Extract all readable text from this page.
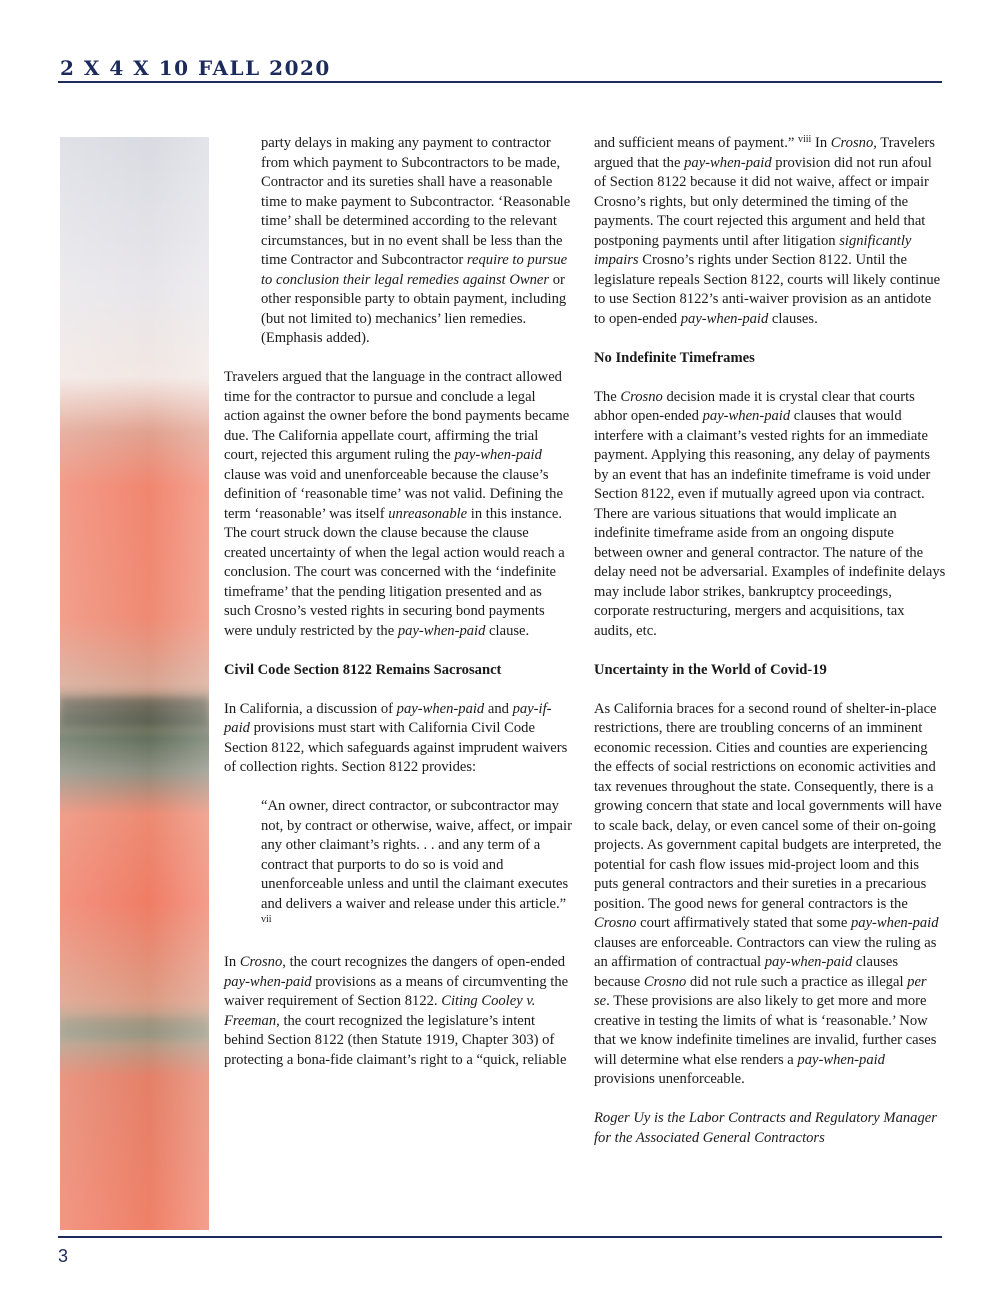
2 X 4 X 10 FALL 2020

party delays in making any payment to contractor from which payment to Subcontractors to be made, Contractor and its sureties shall have a reasonable time to make payment to Subcontractor. ‘Reasonable time’ shall be determined according to the relevant circumstances, but in no event shall be less than the time Contractor and Subcontractor require to pursue to conclusion their legal remedies against Owner or other responsible party to obtain payment, including (but not limited to) mechanics’ lien remedies. (Emphasis added).

Travelers argued that the language in the contract allowed time for the contractor to pursue and conclude a legal action against the owner before the bond payments became due. The California appellate court, affirming the trial court, rejected this argument ruling the pay-when-paid clause was void and unenforceable because the clause’s definition of ‘reasonable time’ was not valid. Defining the term ‘reasonable’ was itself unreasonable in this instance. The court struck down the clause because the clause created uncertainty of when the legal action would reach a conclusion. The court was concerned with the ‘indefinite timeframe’ that the pending litigation presented and as such Crosno’s vested rights in securing bond payments were unduly restricted by the pay-when-paid clause.

Civil Code Section 8122 Remains Sacrosanct

In California, a discussion of pay-when-paid and pay-if-paid provisions must start with California Civil Code Section 8122, which safeguards against imprudent waivers of collection rights. Section 8122 provides:

“An owner, direct contractor, or subcontractor may not, by contract or otherwise, waive, affect, or impair any other claimant’s rights. . . and any term of a contract that purports to do so is void and unenforceable unless and until the claimant executes and delivers a waiver and release under this article.” $^{vii}$

In Crosno, the court recognizes the dangers of open-ended pay-when-paid provisions as a means of circumventing the waiver requirement of Section 8122. Citing Cooley v. Freeman, the court recognized the legislature’s intent behind Section 8122 (then Statute 1919, Chapter 303) of protecting a bona-fide claimant’s right to a “quick, reliable

and sufficient means of payment.” $^{viii}$ In Crosno, Travelers argued that the pay-when-paid provision did not run afoul of Section 8122 because it did not waive, affect or impair Crosno’s rights, but only determined the timing of the payments. The court rejected this argument and held that postponing payments until after litigation significantly impairs Crosno’s rights under Section 8122. Until the legislature repeals Section 8122, courts will likely continue to use Section 8122’s anti-waiver provision as an antidote to open-ended pay-when-paid clauses.

No Indefinite Timeframes

The Crosno decision made it is crystal clear that courts abhor open-ended pay-when-paid clauses that would interfere with a claimant’s vested rights for an immediate payment. Applying this reasoning, any delay of payments by an event that has an indefinite timeframe is void under Section 8122, even if mutually agreed upon via contract. There are various situations that would implicate an indefinite timeframe aside from an ongoing dispute between owner and general contractor. The nature of the delay need not be adversarial. Examples of indefinite delays may include labor strikes, bankruptcy proceedings, corporate restructuring, mergers and acquisitions, tax audits, etc.

Uncertainty in the World of Covid-19

As California braces for a second round of shelter-in-place restrictions, there are troubling concerns of an imminent economic recession. Cities and counties are experiencing the effects of social restrictions on economic activities and tax revenues throughout the state. Consequently, there is a growing concern that state and local governments will have to scale back, delay, or even cancel some of their on-going projects. As government capital budgets are interpreted, the potential for cash flow issues mid-project loom and this puts general contractors and their sureties in a precarious position. The good news for general contractors is the Crosno court affirmatively stated that some pay-when-paid clauses are enforceable. Contractors can view the ruling as an affirmation of contractual pay-when-paid clauses because Crosno did not rule such a practice as illegal per se. These provisions are also likely to get more and more creative in testing the limits of what is ‘reasonable.’ Now that we know indefinite timelines are invalid, further cases will determine what else renders a pay-when-paid provisions unenforceable.

Roger Uy is the Labor Contracts and Regulatory Manager for the Associated General Contractors

3
